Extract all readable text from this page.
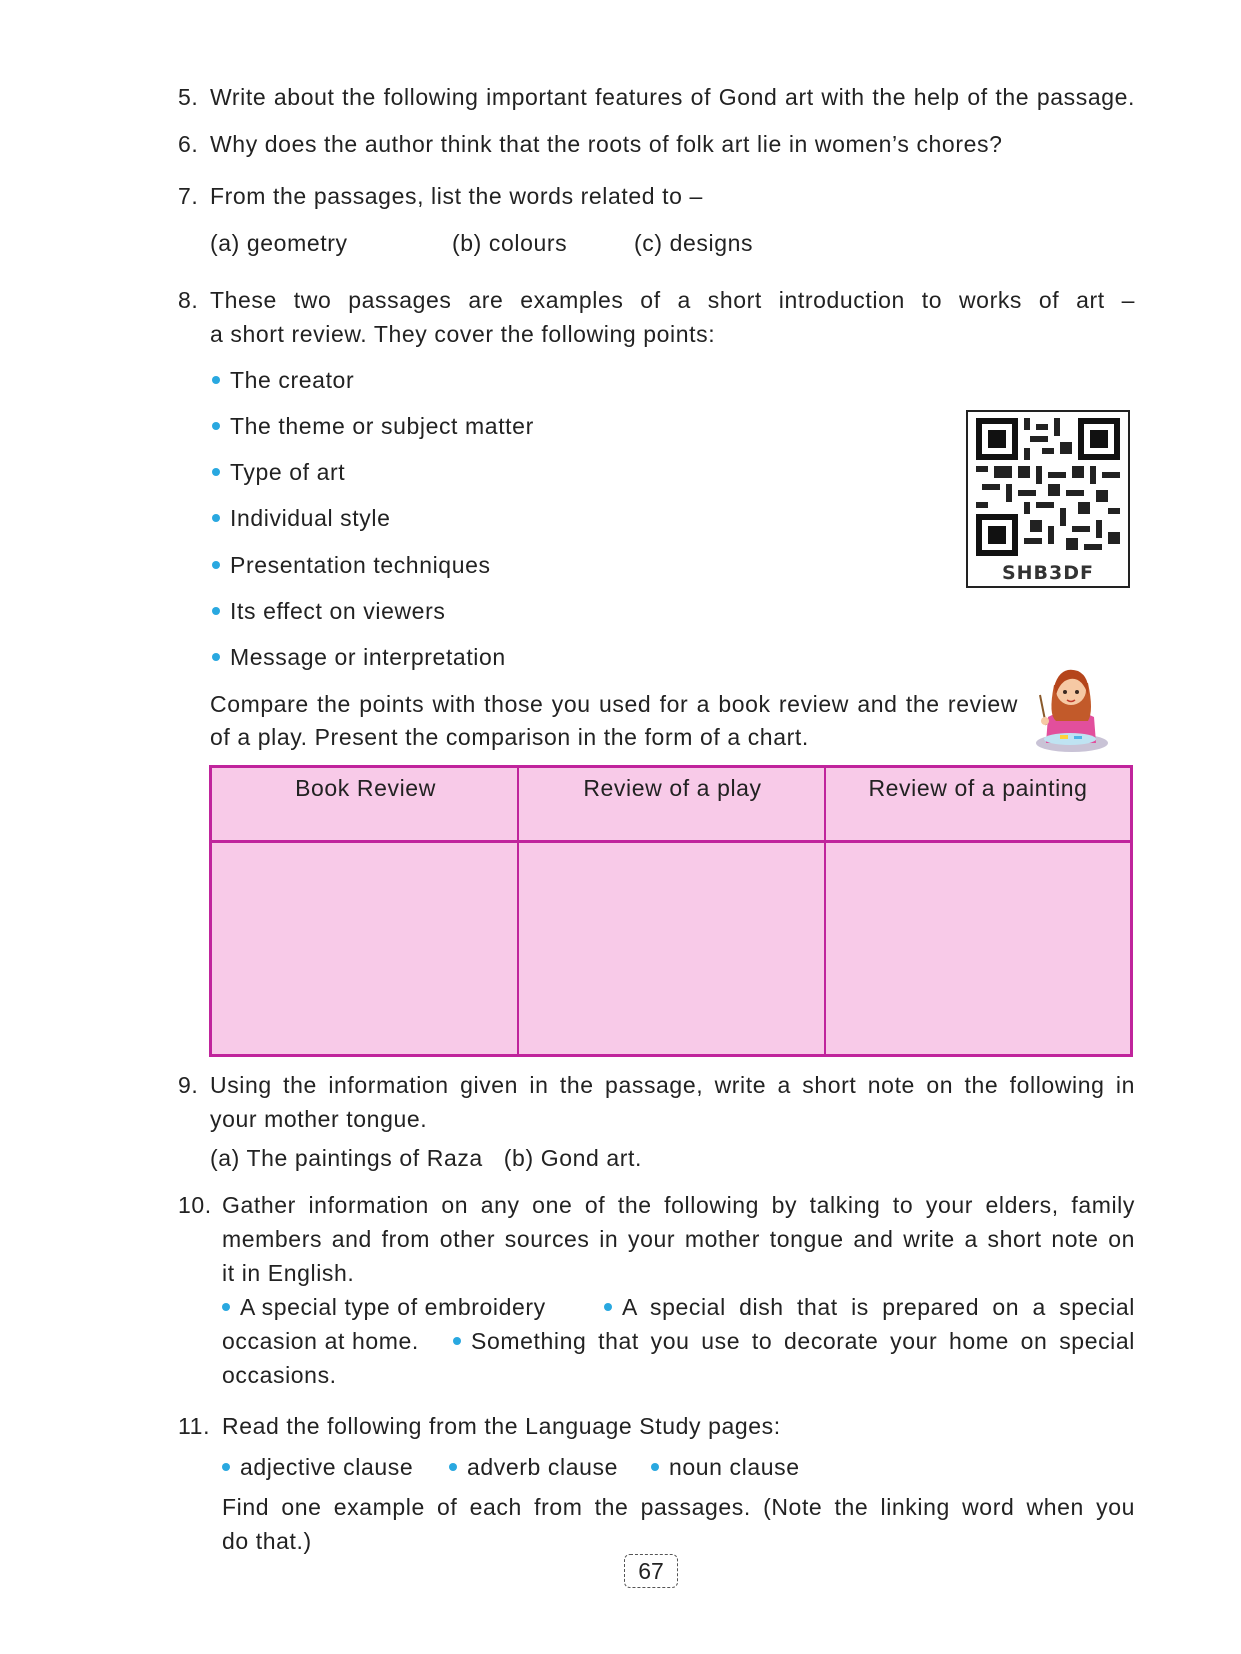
5. Write about the following important features of Gond art with the help of the passage.
6. Why does the author think that the roots of folk art lie in women’s chores?
7. From the passages, list the words related to –
(a) geometry	(b) colours	(c) designs
8. These two passages are examples of a short introduction to works of art –
a short review. They cover the following points:
The creator
The theme or subject matter
Type of art
Individual style
Presentation techniques
Its effect on viewers
Message or interpretation
SHB3DF
Compare the points with those you used for a book review and the review
of a play. Present the comparison in the form of a chart.
Book Review	Review of a play	Review of a painting
9. Using the information given in the passage, write a short note on the following in
your mother tongue.
(a) The paintings of Raza   (b) Gond art.
10. Gather information on any one of the following by talking to your elders, family
members and from other sources in your mother tongue and write a short note on
it in English.
A special type of embroidery	A special dish that is prepared on a special
occasion at home.	Something that you use to decorate your home on special
occasions.
11. Read the following from the Language Study pages:
adjective clause	adverb clause	noun clause
Find one example of each from the passages. (Note the linking word when you
do that.)
67
